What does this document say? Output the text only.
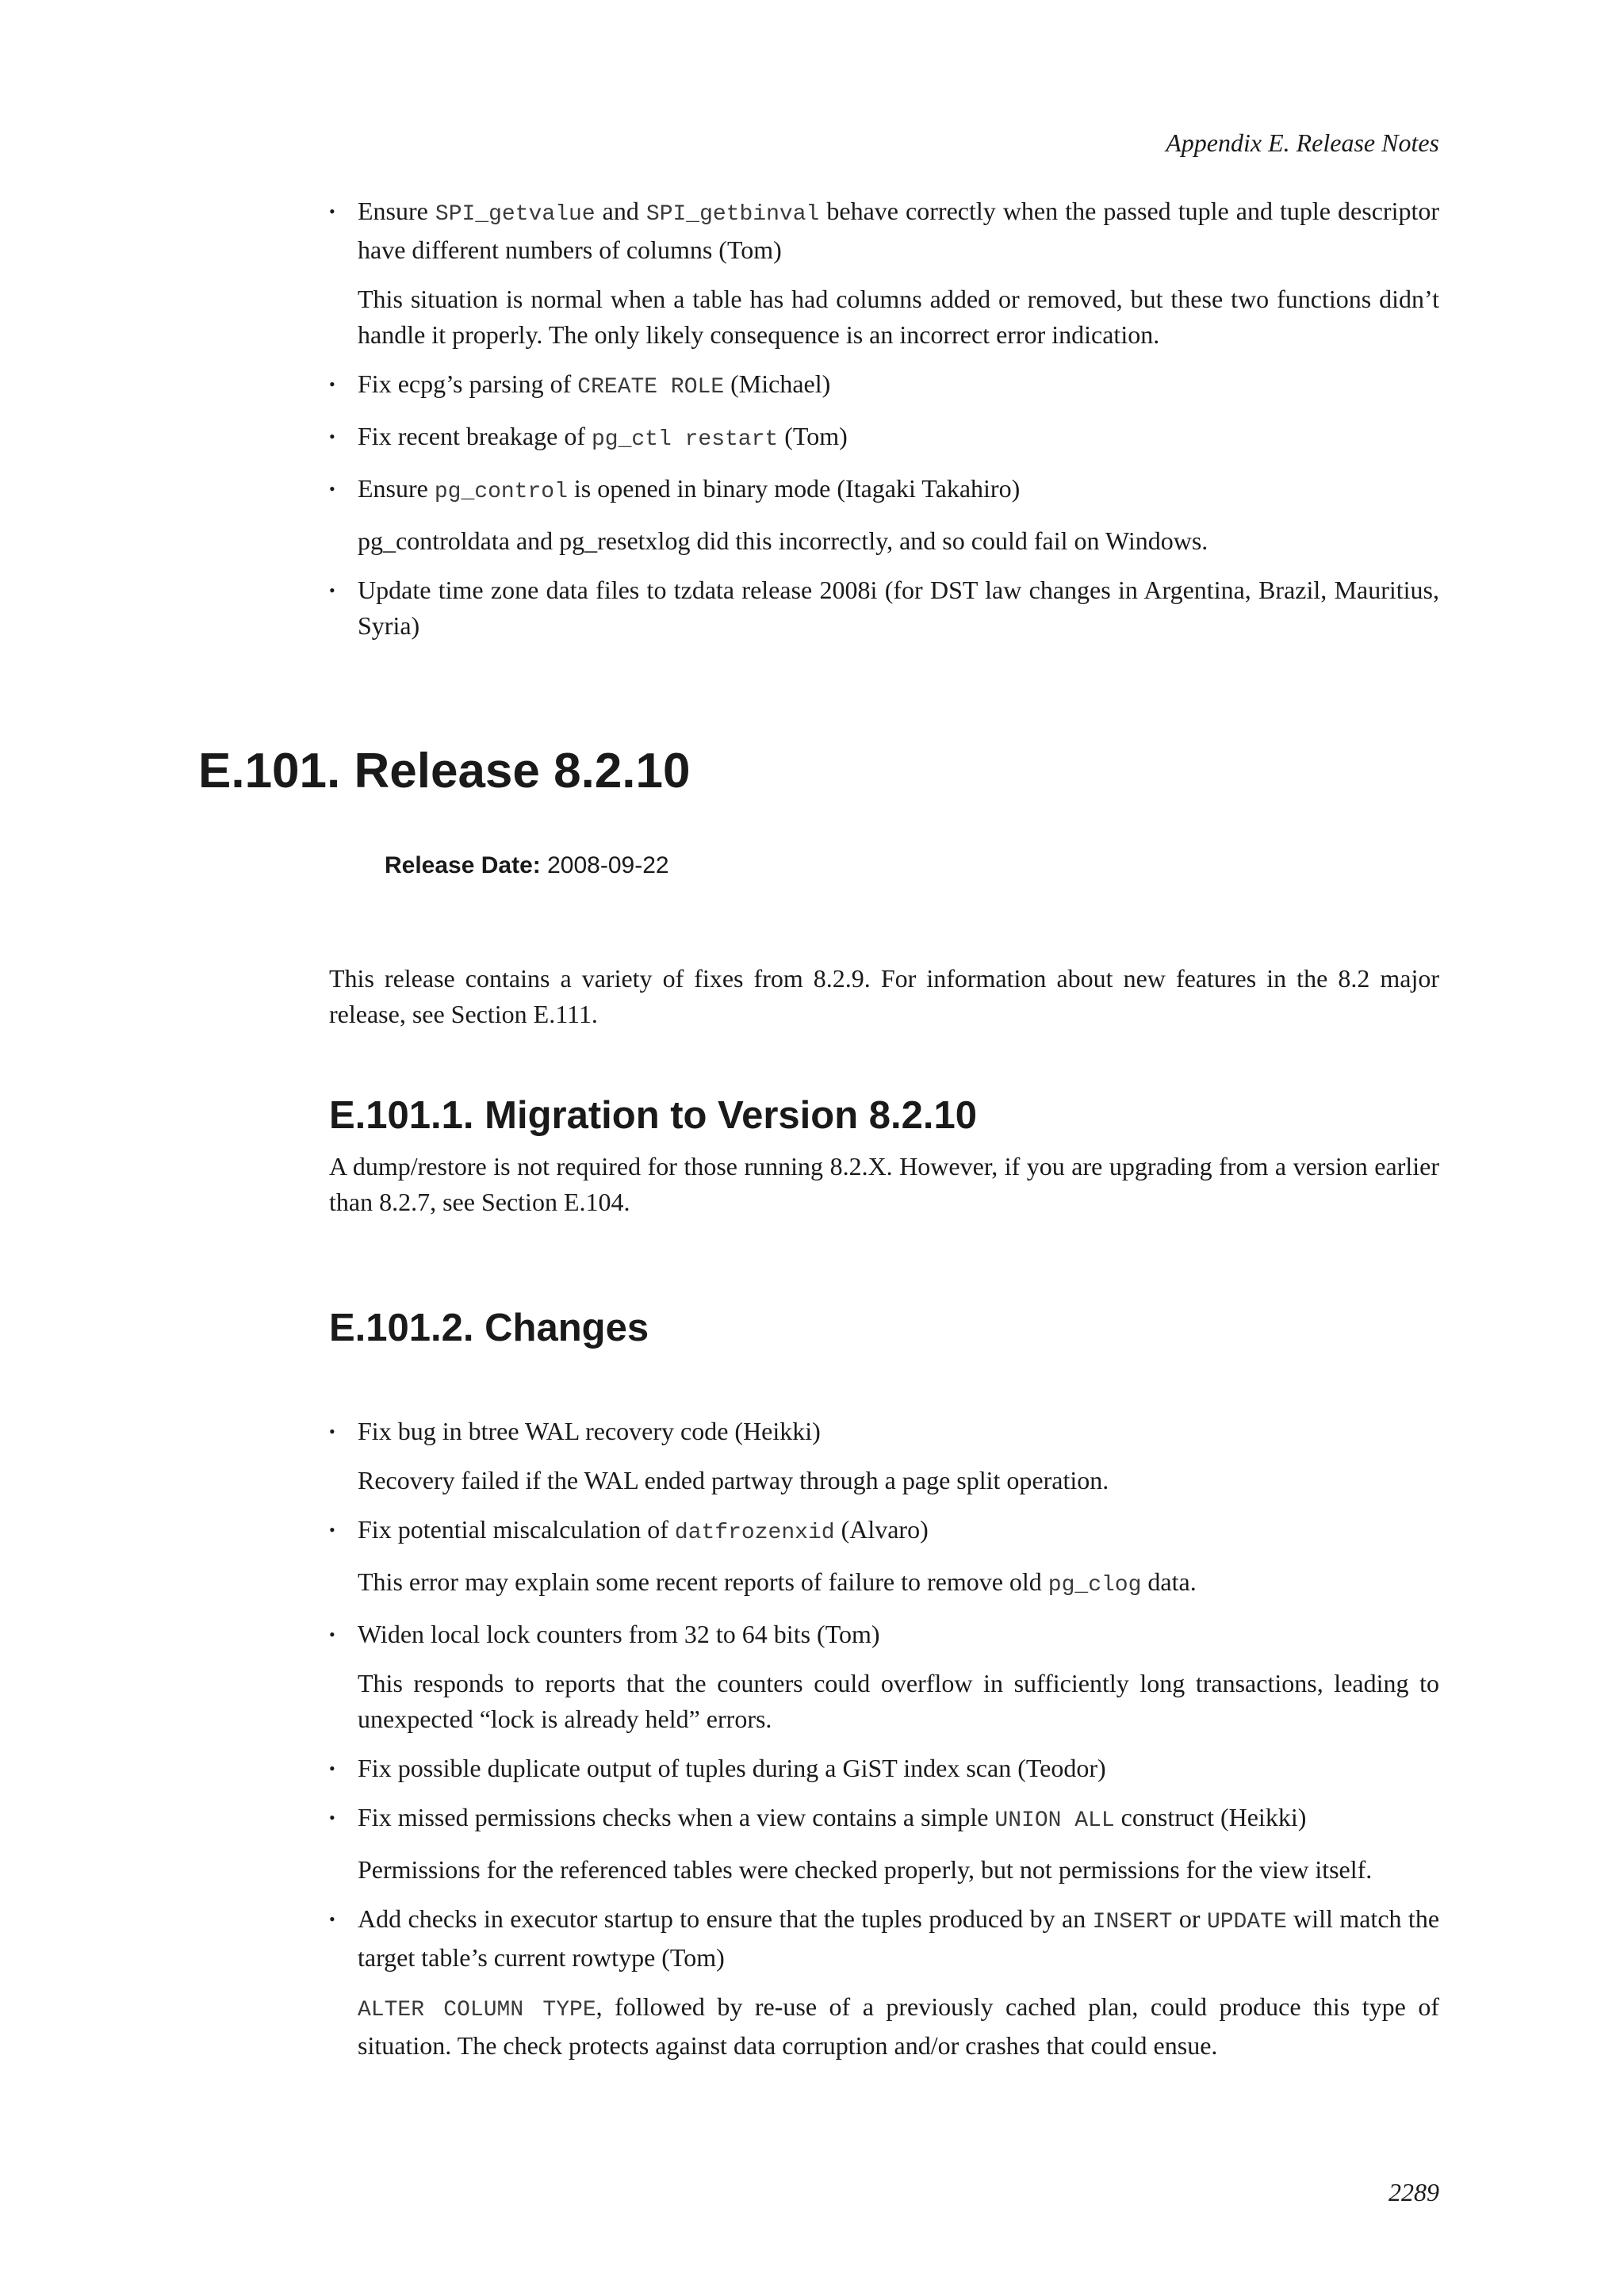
Appendix E. Release Notes
• Ensure SPI_getvalue and SPI_getbinval behave correctly when the passed tuple and tuple descriptor have different numbers of columns (Tom)

This situation is normal when a table has had columns added or removed, but these two functions didn’t handle it properly. The only likely consequence is an incorrect error indication.

• Fix ecpg’s parsing of CREATE ROLE (Michael)
• Fix recent breakage of pg_ctl restart (Tom)
• Ensure pg_control is opened in binary mode (Itagaki Takahiro)

pg_controldata and pg_resetxlog did this incorrectly, and so could fail on Windows.

• Update time zone data files to tzdata release 2008i (for DST law changes in Argentina, Brazil, Mauritius, Syria)
E.101. Release 8.2.10
Release Date: 2008-09-22

This release contains a variety of fixes from 8.2.9. For information about new features in the 8.2 major release, see Section E.111.

E.101.1. Migration to Version 8.2.10

A dump/restore is not required for those running 8.2.X. However, if you are upgrading from a version earlier than 8.2.7, see Section E.104.

E.101.2. Changes
• Fix bug in btree WAL recovery code (Heikki)

Recovery failed if the WAL ended partway through a page split operation.

• Fix potential miscalculation of datfrozenxid (Alvaro)

This error may explain some recent reports of failure to remove old pg_clog data.

• Widen local lock counters from 32 to 64 bits (Tom)

This responds to reports that the counters could overflow in sufficiently long transactions, leading to unexpected “lock is already held” errors.

• Fix possible duplicate output of tuples during a GiST index scan (Teodor)
• Fix missed permissions checks when a view contains a simple UNION ALL construct (Heikki)

Permissions for the referenced tables were checked properly, but not permissions for the view itself.

• Add checks in executor startup to ensure that the tuples produced by an INSERT or UPDATE will match the target table’s current rowtype (Tom)

ALTER COLUMN TYPE, followed by re-use of a previously cached plan, could produce this type of situation. The check protects against data corruption and/or crashes that could ensue.

2289
